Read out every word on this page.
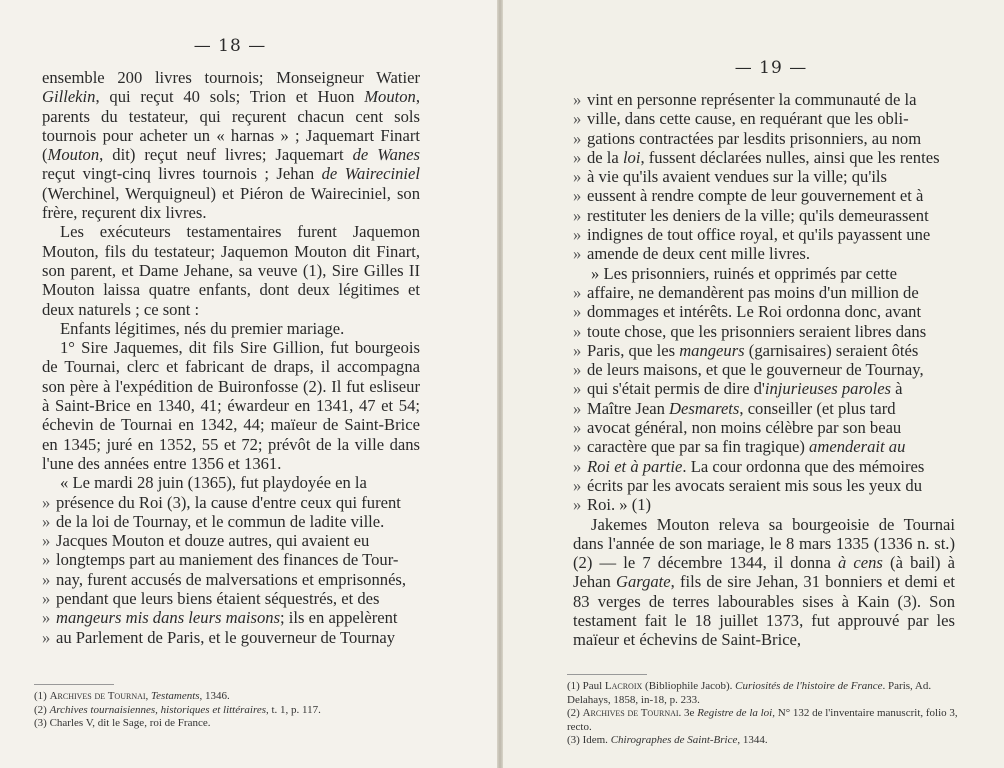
— 18 —

ensemble 200 livres tournois; Monseigneur Watier Gillekin, qui reçut 40 sols; Trion et Huon Mouton, parents du testateur, qui reçurent chacun cent sols tournois pour acheter un « harnas » ; Jaquemart Finart (Mouton, dit) reçut neuf livres; Jaquemart de Wanes reçut vingt-cinq livres tournois ; Jehan de Waireciniel (Werchinel, Werquigneul) et Piéron de Waireciniel, son frère, reçurent dix livres.

Les exécuteurs testamentaires furent Jaquemon Mouton, fils du testateur; Jaquemon Mouton dit Finart, son parent, et Dame Jehane, sa veuve (1), Sire Gilles II Mouton laissa quatre enfants, dont deux légitimes et deux naturels ; ce sont :

Enfants légitimes, nés du premier mariage.

1° Sire Jaquemes, dit fils Sire Gillion, fut bourgeois de Tournai, clerc et fabricant de draps, il accompagna son père à l'expédition de Buironfosse (2). Il fut esliseur à Saint-Brice en 1340, 41; éwardeur en 1341, 47 et 54; échevin de Tournai en 1342, 44; maïeur de Saint-Brice en 1345; juré en 1352, 55 et 72; prévôt de la ville dans l'une des années entre 1356 et 1361.

« Le mardi 28 juin (1365), fut playdoyée en la

» présence du Roi (3), la cause d'entre ceux qui furent

» de la loi de Tournay, et le commun de ladite ville.

» Jacques Mouton et douze autres, qui avaient eu

» longtemps part au maniement des finances de Tour-

» nay, furent accusés de malversations et emprisonnés,

» pendant que leurs biens étaient séquestrés, et des

» mangeurs mis dans leurs maisons; ils en appelèrent

» au Parlement de Paris, et le gouverneur de Tournay

(1) Archives de Tournai, Testaments, 1346.

(2) Archives tournaisiennes, historiques et littéraires, t. 1, p. 117.

(3) Charles V, dit le Sage, roi de France.

— 19 —

» vint en personne représenter la communauté de la

» ville, dans cette cause, en requérant que les obli-

» gations contractées par lesdits prisonniers, au nom

» de la loi, fussent déclarées nulles, ainsi que les rentes

» à vie qu'ils avaient vendues sur la ville; qu'ils

» eussent à rendre compte de leur gouvernement et à

» restituter les deniers de la ville; qu'ils demeurassent

» indignes de tout office royal, et qu'ils payassent une

» amende de deux cent mille livres.

» Les prisonniers, ruinés et opprimés par cette

» affaire, ne demandèrent pas moins d'un million de

» dommages et intérêts. Le Roi ordonna donc, avant

» toute chose, que les prisonniers seraient libres dans

» Paris, que les mangeurs (garnisaires) seraient ôtés

» de leurs maisons, et que le gouverneur de Tournay,

» qui s'était permis de dire d'injurieuses paroles à

» Maître Jean Desmarets, conseiller (et plus tard

» avocat général, non moins célèbre par son beau

» caractère que par sa fin tragique) amenderait au

» Roi et à partie. La cour ordonna que des mémoires

» écrits par les avocats seraient mis sous les yeux du

» Roi. » (1)

Jakemes Mouton releva sa bourgeoisie de Tournai dans l'année de son mariage, le 8 mars 1335 (1336 n. st.) (2) — le 7 décembre 1344, il donna à cens (à bail) à Jehan Gargate, fils de sire Jehan, 31 bonniers et demi et 83 verges de terres labourables sises à Kain (3). Son testament fait le 18 juillet 1373, fut approuvé par les maïeur et échevins de Saint-Brice,

(1) Paul Lacroix (Bibliophile Jacob). Curiosités de l'histoire de France. Paris, Ad. Delahays, 1858, in-18, p. 233.

(2) Archives de Tournai. 3e Registre de la loi, N° 132 de l'inventaire manuscrit, folio 3, recto.

(3) Idem. Chirographes de Saint-Brice, 1344.
